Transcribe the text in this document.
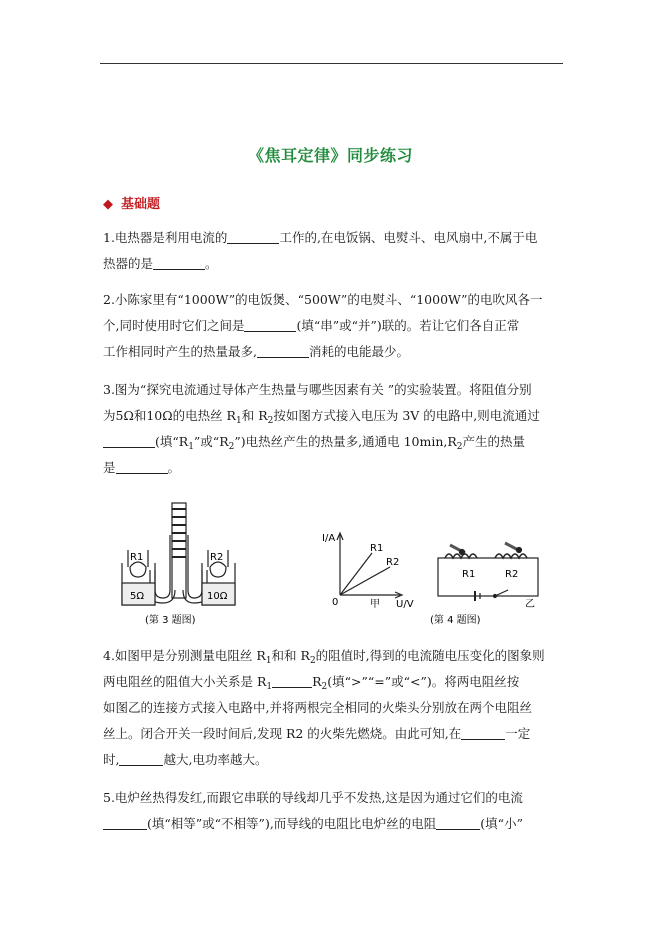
《焦耳定律》同步练习
◆ 基础题
1.电热器是利用电流的	工作的,在电饭锅、电熨斗、电风扇中,不属于电
热器的是	。
2.小陈家里有“1000W”的电饭煲、“500W”的电熨斗、“1000W”的电吹风各一
个,同时使用时它们之间是	(填“串”或“并”)联的。若让它们各自正常
工作相同时产生的热量最多,	消耗的电能最少。
3.图为“探究电流通过导体产生热量与哪些因素有关 ”的实验装置。将阻值分别
为5Ω和10Ω的电热丝 $R_1$和 $R_2$按如图方式接入电压为 3V 的电路中,则电流通过
(填“$R_1$”或“$R_2$”)电热丝产生的热量多,通通电 $10\min,R_2$产生的热量
是	。
R1	R2
5Ω	10Ω
(第 3 题图)
I/A
U/V
0
R1
R2
甲
R1	R2
乙
(第 4 题图)
4.如图甲是分别测量电阻丝 $R_1$和和 $R_2$的阻值时,得到的电流随电压变化的图象则
两电阻丝的阻值大小关系是 $R_1$	$R_2$(填“>”“=”或“<”)。将两电阻丝按
如图乙的连接方式接入电路中,并将两根完全相同的火柴头分别放在两个电阻丝
丝上。闭合开关一段时间后,发现 R2 的火柴先燃烧。由此可知,在	一定
时,	越大,电功率越大。
5.电炉丝热得发红,而跟它串联的导线却几乎不发热,这是因为通过它们的电流
(填“相等”或“不相等”),而导线的电阻比电炉丝的电阻	(填“小”
